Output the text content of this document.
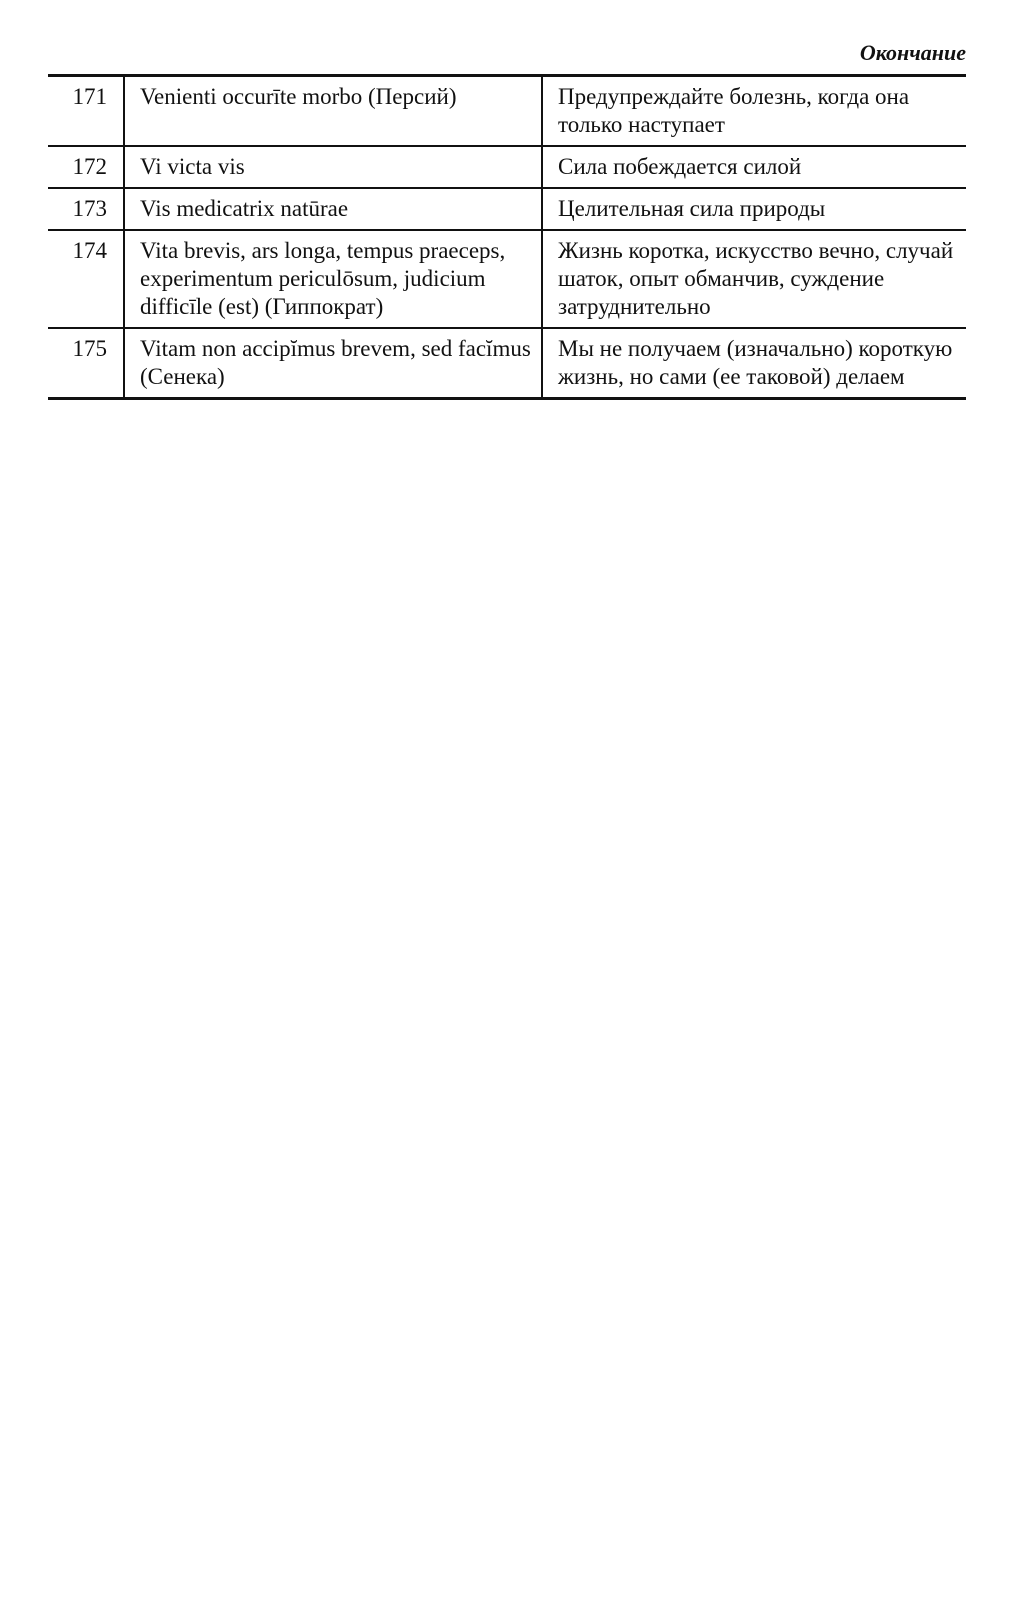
Окончание
171	Venienti occurīte morbo (Персий)	Предупреждайте болезнь, когда она только наступает
172	Vi victa vis	Сила побеждается силой
173	Vis medicatrix natūrae	Целительная сила природы
174	Vita brevis, ars longa, tempus praeceps, experimentum periculōsum, judicium difficīle (est) (Гиппократ)	Жизнь коротка, искусство вечно, случай шаток, опыт обманчив, суждение затруднительно
175	Vitam non accipĭmus brevem, sed facĭmus (Сенека)	Мы не получаем (изначально) короткую жизнь, но сами (ее таковой) делаем
